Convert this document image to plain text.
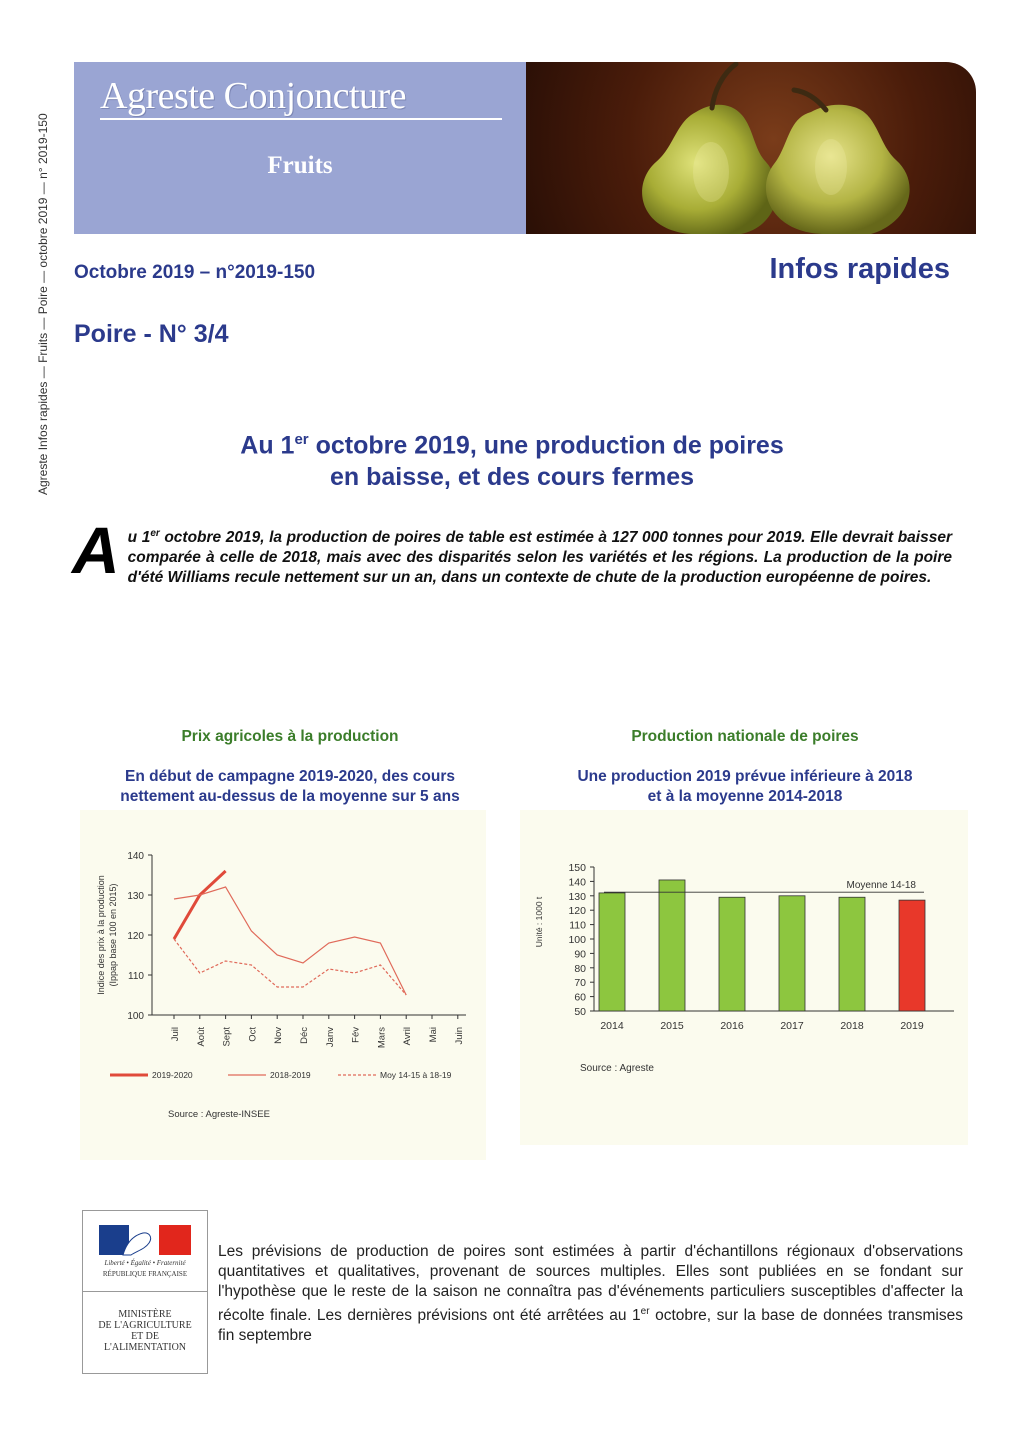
Agreste Infos rapides — Fruits — Poire — octobre 2019 — n° 2019-150
Agreste Conjoncture
Fruits
Octobre 2019 – n°2019-150	Infos rapides
Poire - N° 3/4
Au 1er octobre 2019, une production de poires
en baisse, et des cours fermes
Au 1er octobre 2019, la production de poires de table est estimée à 127 000 tonnes pour 2019. Elle devrait baisser comparée à celle de 2018, mais avec des disparités selon les variétés et les régions. La production de la poire d'été Williams recule nettement sur un an, dans un contexte de chute de la production européenne de poires.
Prix agricoles à la production
En début de campagne 2019-2020, des cours
nettement au-dessus de la moyenne sur 5 ans
100
110
120
130
140
Juil Août Sept Oct Nov Déc Janv Fév Mars Avril Mai Juin
Indice des prix à la production (Ippap base 100 en 2015)
2019-2020	2018-2019	Moy 14-15 à 18-19
Source : Agreste-INSEE
Production nationale de poires
Une production 2019 prévue inférieure à 2018
et à la moyenne 2014-2018
50
60
70
80
90
100
110
120
130
140
150
Unité : 1000 t
2014	2015	2016	2017	2018	2019
Moyenne 14-18
Source : Agreste
Liberté • Égalité • Fraternité
RÉPUBLIQUE FRANÇAISE
MINISTÈRE
DE L'AGRICULTURE
ET DE
L'ALIMENTATION
Les prévisions de production de poires sont estimées à partir d'échantillons régionaux d'observations quantitatives et qualitatives, provenant de sources multiples. Elles sont publiées en se fondant sur l'hypothèse que le reste de la saison ne connaîtra pas d'événements particuliers susceptibles d'affecter la récolte finale. Les dernières prévisions ont été arrêtées au 1er octobre, sur la base de données transmises fin septembre
